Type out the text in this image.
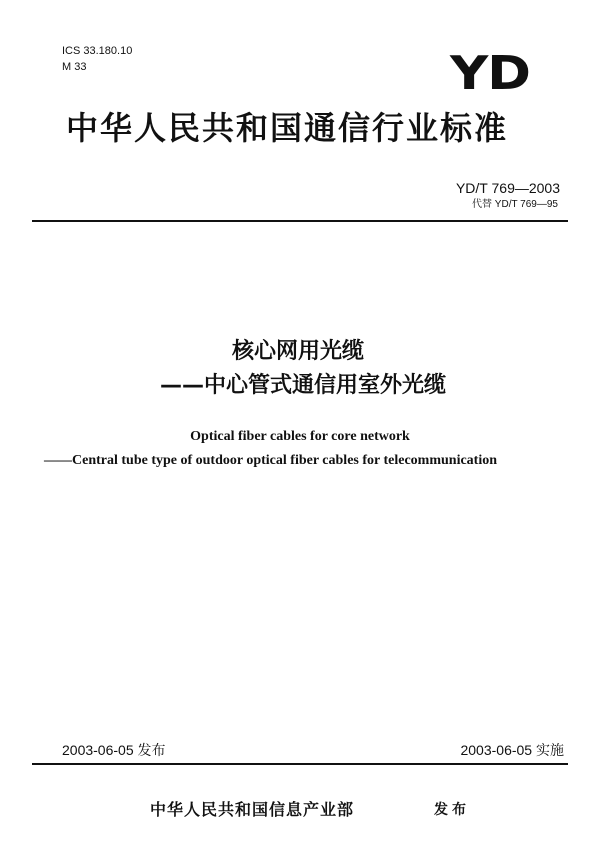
ICS 33.180.10
M 33	YD
中华人民共和国通信行业标准
YD/T 769—2003
代替 YD/T 769—95
核心网用光缆
——中心管式通信用室外光缆
Optical fiber cables for core network
——Central tube type of outdoor optical fiber cables for telecommunication
2003-06-05 发布	2003-06-05 实施
中华人民共和国信息产业部	发布
